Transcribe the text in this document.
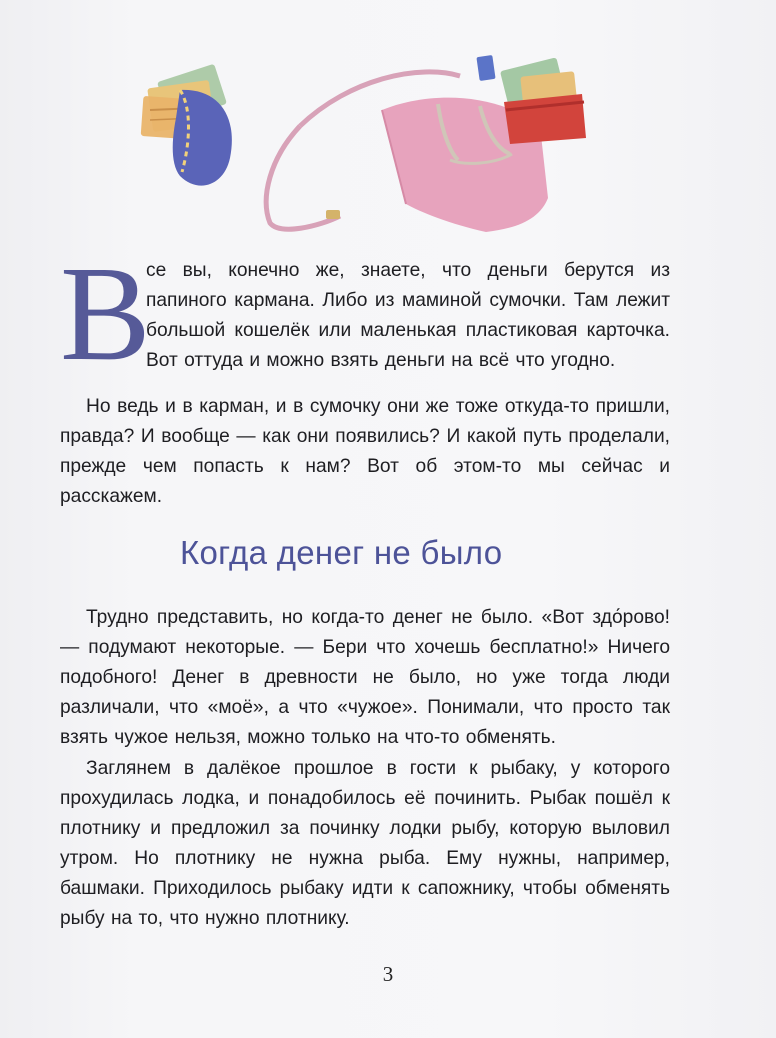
В
се вы, конечно же, знаете, что деньги берутся из папиного кармана. Либо из маминой сумочки. Там лежит большой кошелёк или маленькая пластиковая карточка. Вот оттуда и можно взять деньги на всё что угодно.
Но ведь и в карман, и в сумочку они же тоже откуда-то пришли, правда? И вообще — как они появились? И какой путь проделали, прежде чем попасть к нам? Вот об этом-то мы сейчас и расскажем.
Когда денег не было
Трудно представить, но когда-то денег не было. «Вот здо́рово! — подумают некоторые. — Бери что хочешь бесплатно!» Ничего подобного! Денег в древности не было, но уже тогда люди различали, что «моё», а что «чужое». Понимали, что просто так взять чужое нельзя, можно только на что-то обменять.
Заглянем в далёкое прошлое в гости к рыбаку, у которого прохудилась лодка, и понадобилось её починить. Рыбак пошёл к плотнику и предложил за починку лодки рыбу, которую выловил утром. Но плотнику не нужна рыба. Ему нужны, например, башмаки. Приходилось рыбаку идти к сапожнику, чтобы обменять рыбу на то, что нужно плотнику.
3
